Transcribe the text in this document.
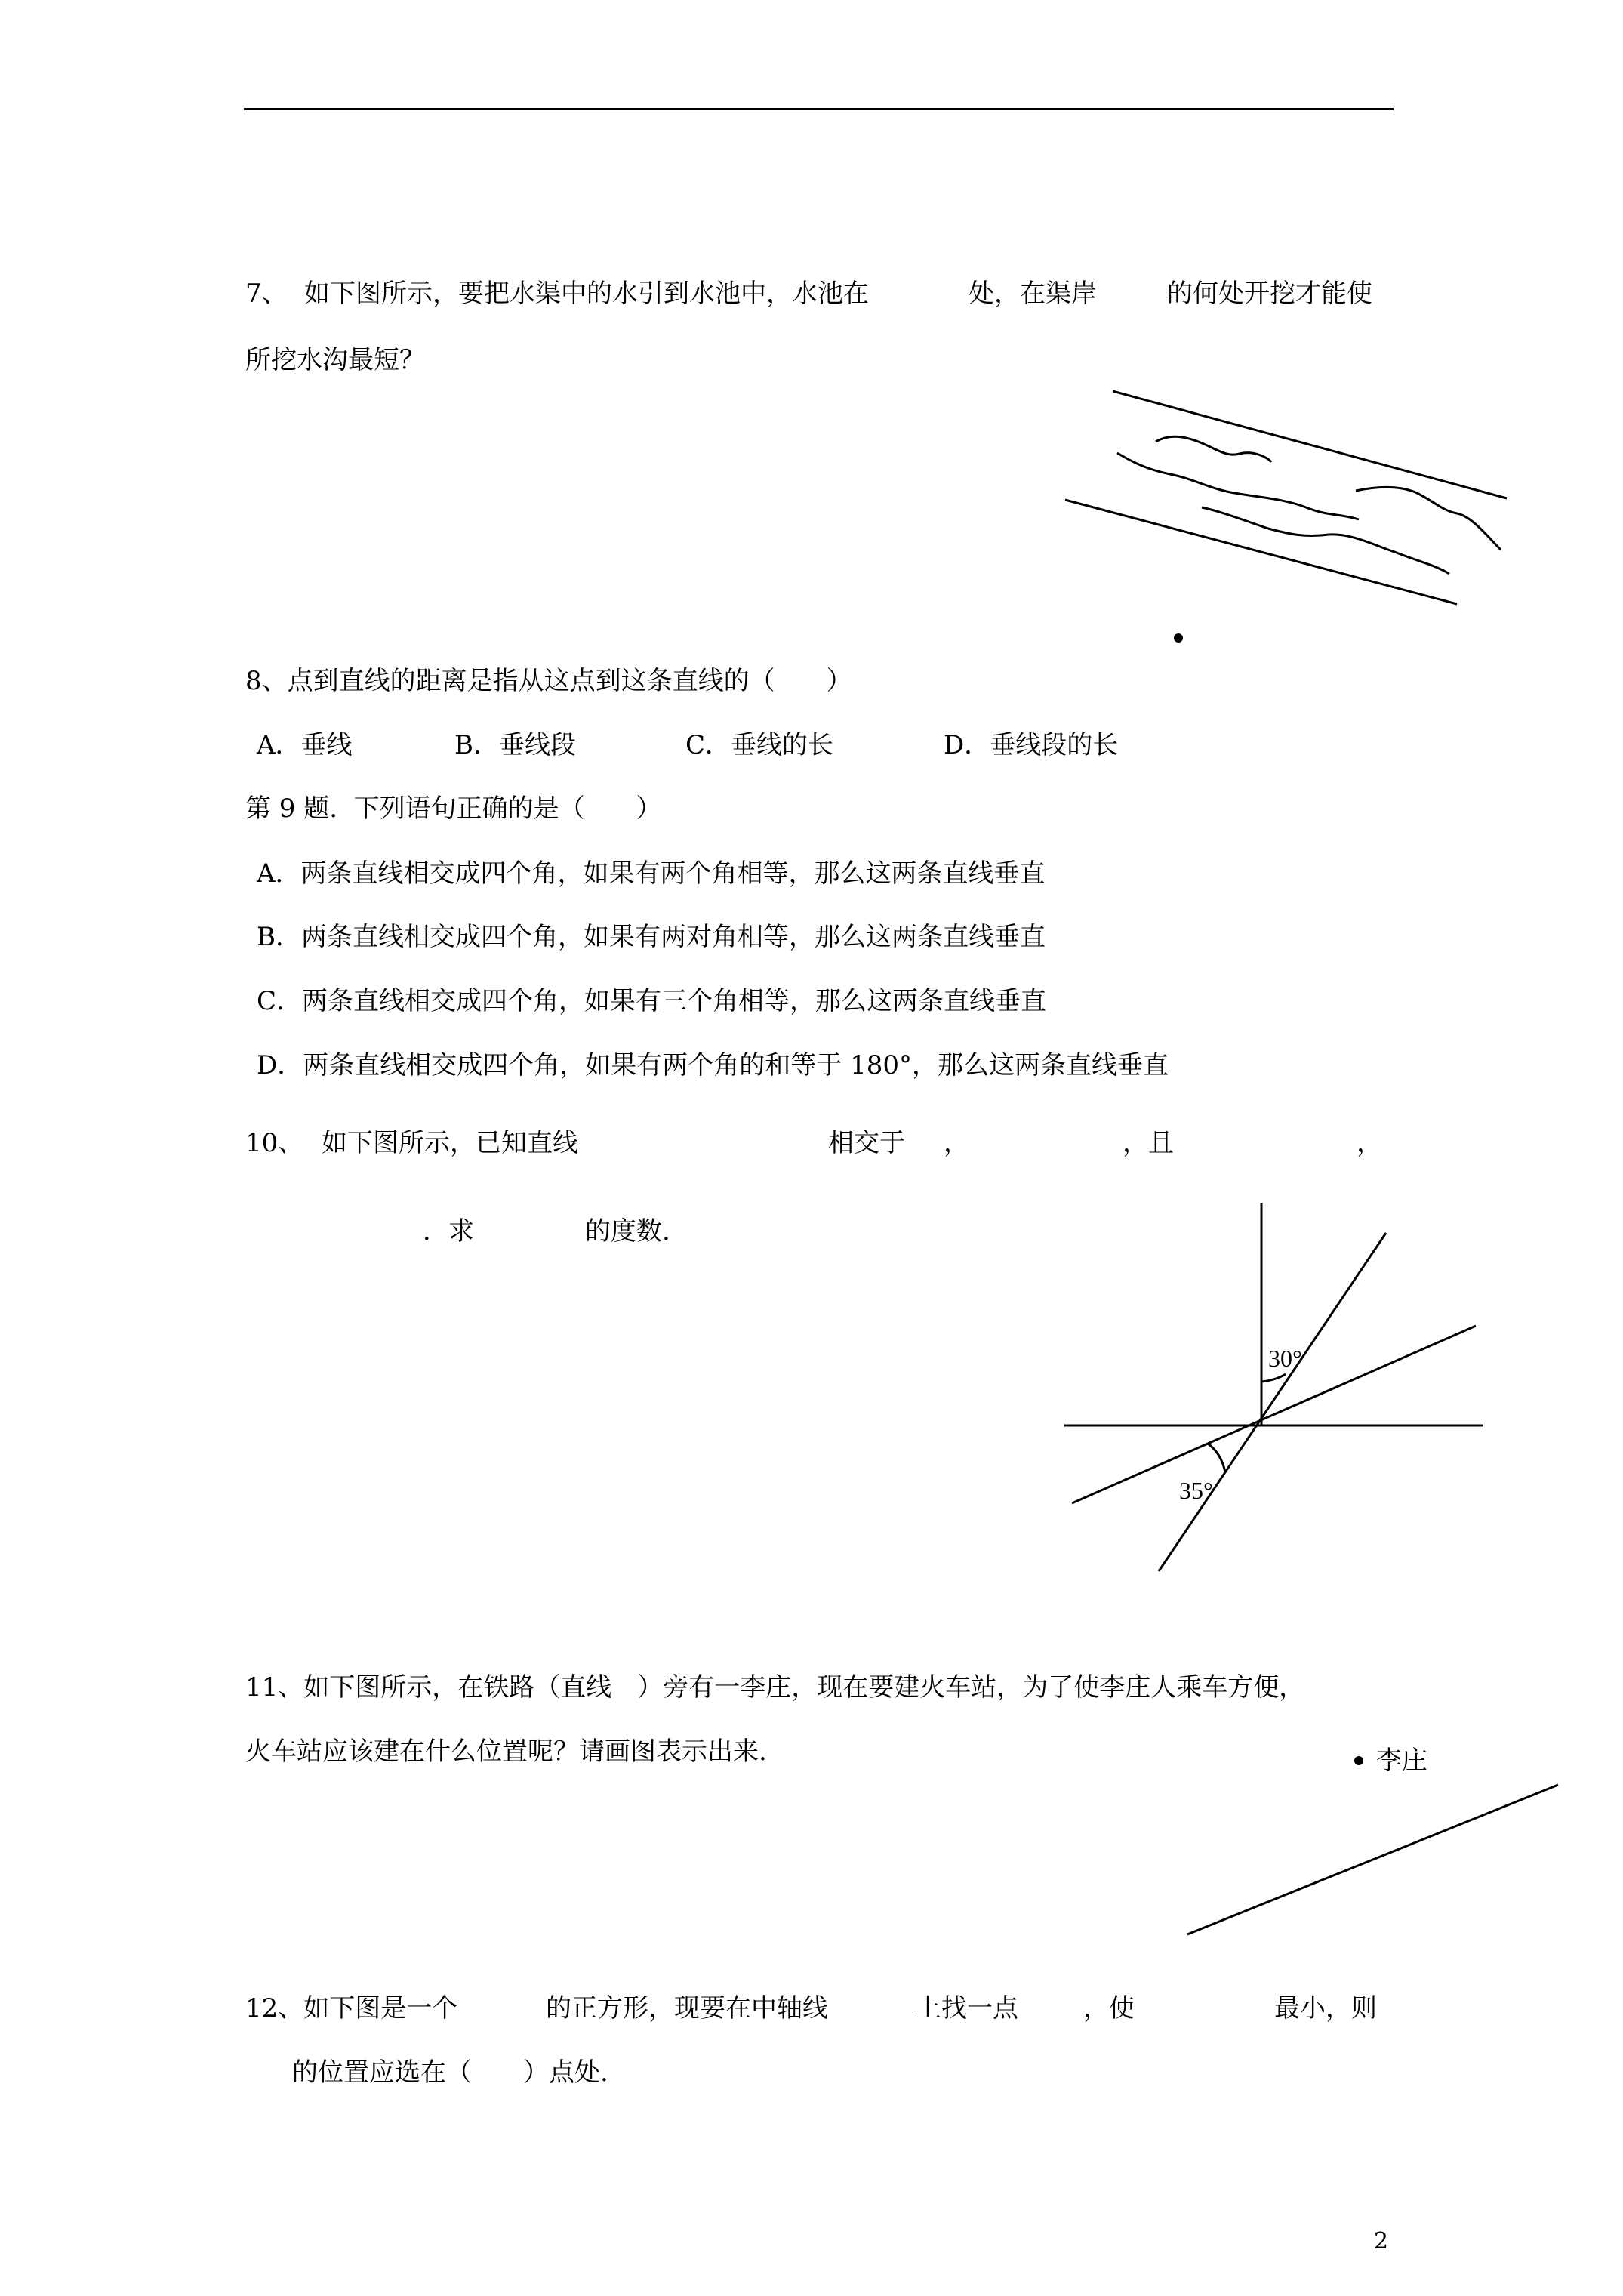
7、 如下图所示，要把水渠中的水引到水池中，水池在	处，在渠岸	的何处开挖才能使
所挖水沟最短？
8、点到直线的距离是指从这点到这条直线的（　　）
A．垂线	B．垂线段	C．垂线的长	D．垂线段的长
第 9 题.  下列语句正确的是（　　）
A．两条直线相交成四个角，如果有两个角相等，那么这两条直线垂直
B．两条直线相交成四个角，如果有两对角相等，那么这两条直线垂直
C．两条直线相交成四个角，如果有三个角相等，那么这两条直线垂直
D．两条直线相交成四个角，如果有两个角的和等于 180°，那么这两条直线垂直
10、 如下图所示，已知直线	相交于 ，	，且	，
．求	的度数.
30°
35°
11、如下图所示，在铁路（直线　）旁有一李庄，现在要建火车站，为了使李庄人乘车方便，
火车站应该建在什么位置呢？请画图表示出来.	李庄
12、如下图是一个	的正方形，现要在中轴线	上找一点	，使	最小，则
的位置应选在（　　）点处.
2
